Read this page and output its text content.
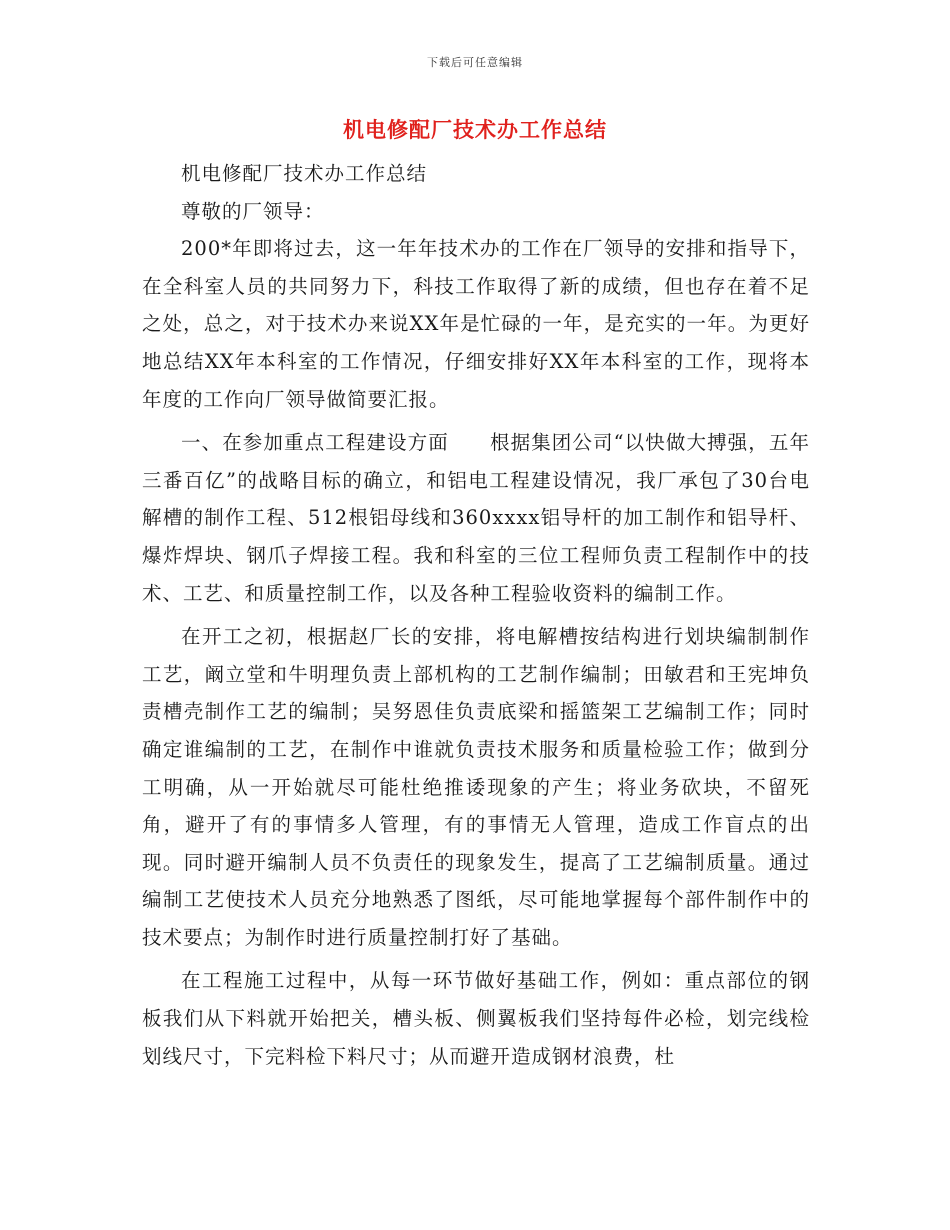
下载后可任意编辑
机电修配厂技术办工作总结

机电修配厂技术办工作总结

尊敬的厂领导：

200*年即将过去，这一年年技术办的工作在厂领导的安排和指导下，在全科室人员的共同努力下，科技工作取得了新的成绩，但也存在着不足之处，总之，对于技术办来说XX年是忙碌的一年，是充实的一年。为更好地总结XX年本科室的工作情况，仔细安排好XX年本科室的工作，现将本年度的工作向厂领导做简要汇报。

一、在参加重点工程建设方面　　根据集团公司“以快做大搏强，五年三番百亿”的战略目标的确立，和铝电工程建设情况，我厂承包了30台电解槽的制作工程、512根铝母线和360xxxx铝导杆的加工制作和铝导杆、爆炸焊块、钢爪子焊接工程。我和科室的三位工程师负责工程制作中的技术、工艺、和质量控制工作，以及各种工程验收资料的编制工作。

在开工之初，根据赵厂长的安排，将电解槽按结构进行划块编制制作工艺，阚立堂和牛明理负责上部机构的工艺制作编制；田敏君和王宪坤负责槽壳制作工艺的编制；吴努恩佳负责底梁和摇篮架工艺编制工作；同时确定谁编制的工艺，在制作中谁就负责技术服务和质量检验工作；做到分工明确，从一开始就尽可能杜绝推诿现象的产生；将业务砍块，不留死角，避开了有的事情多人管理，有的事情无人管理，造成工作盲点的出现。同时避开编制人员不负责任的现象发生，提高了工艺编制质量。通过编制工艺使技术人员充分地熟悉了图纸，尽可能地掌握每个部件制作中的技术要点；为制作时进行质量控制打好了基础。

在工程施工过程中，从每一环节做好基础工作，例如：重点部位的钢板我们从下料就开始把关，槽头板、侧翼板我们坚持每件必检，划完线检划线尺寸，下完料检下料尺寸；从而避开造成钢材浪费，杜
